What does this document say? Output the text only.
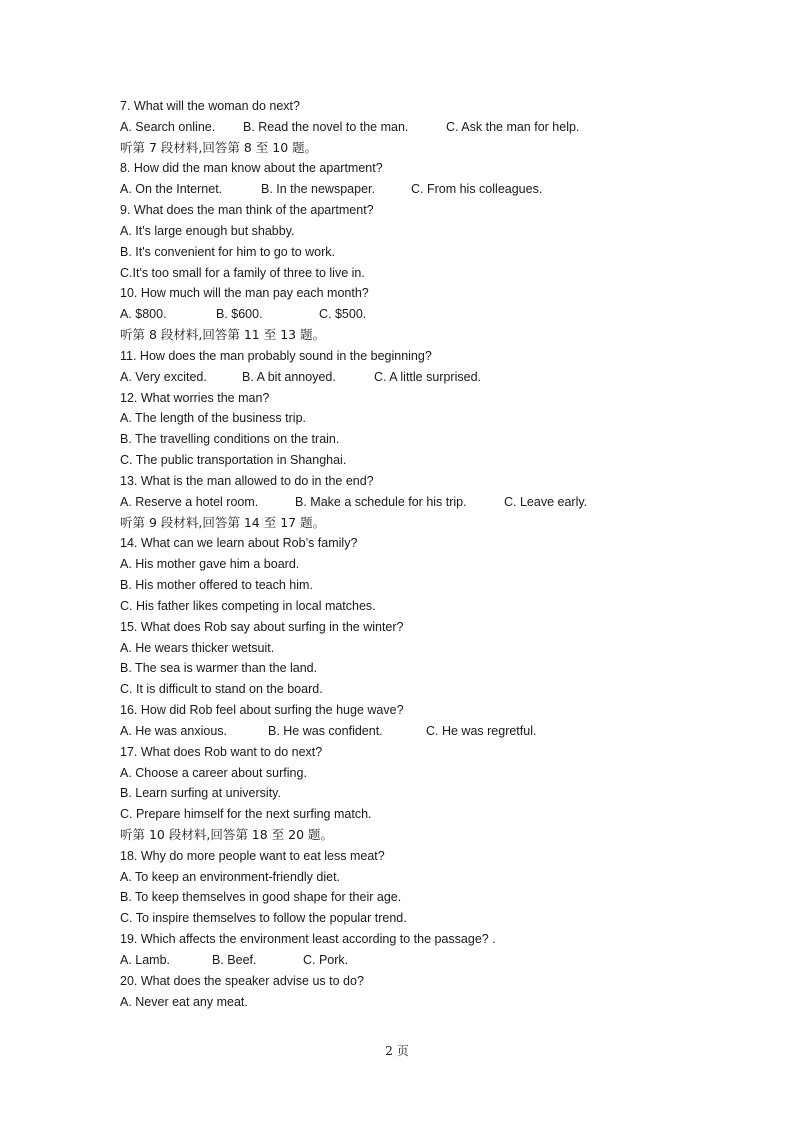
7. What will the woman do next?
A. Search online. B. Read the novel to the man.	C. Ask the man for help.
听第 7 段材料,回答第 8 至 10 题。
8. How did the man know about the apartment?
A. On the Internet.	B. In the newspaper.	C. From his colleagues.
9. What does the man think of the apartment?
A. It's large enough but shabby.
B. It's convenient for him to go to work.
C.It's too small for a family of three to live in.
10. How much will the man pay each month?
A. $800.	B. $600.	C. $500.
听第 8 段材料,回答第 11 至 13 题。
11. How does the man probably sound in the beginning?
A. Very excited.	B. A bit annoyed.	C. A little surprised.
12. What worries the man?
A. The length of the business trip.
B. The travelling conditions on the train.
C. The public transportation in Shanghai.
13. What is the man allowed to do in the end?
A. Reserve a hotel room.	B. Make a schedule for his trip.	C. Leave early.
听第 9 段材料,回答第 14 至 17 题。
14. What can we learn about Rob’s family?
A. His mother gave him a board.
B. His mother offered to teach him.
C. His father likes competing in local matches.
15. What does Rob say about surfing in the winter?
A. He wears thicker wetsuit.
B. The sea is warmer than the land.
C. It is difficult to stand on the board.
16. How did Rob feel about surfing the huge wave?
A. He was anxious.	B. He was confident.	C. He was regretful.
17. What does Rob want to do next?
A. Choose a career about surfing.
B. Learn surfing at university.
C. Prepare himself for the next surfing match.
听第 10 段材料,回答第 18 至 20 题。
18. Why do more people want to eat less meat?
A. To keep an environment-friendly diet.
B. To keep themselves in good shape for their age.
C. To inspire themselves to follow the popular trend.
19. Which affects the environment least according to the passage? .
A. Lamb.	B. Beef.	C. Pork.
20. What does the speaker advise us to do?
A. Never eat any meat.
2 页
